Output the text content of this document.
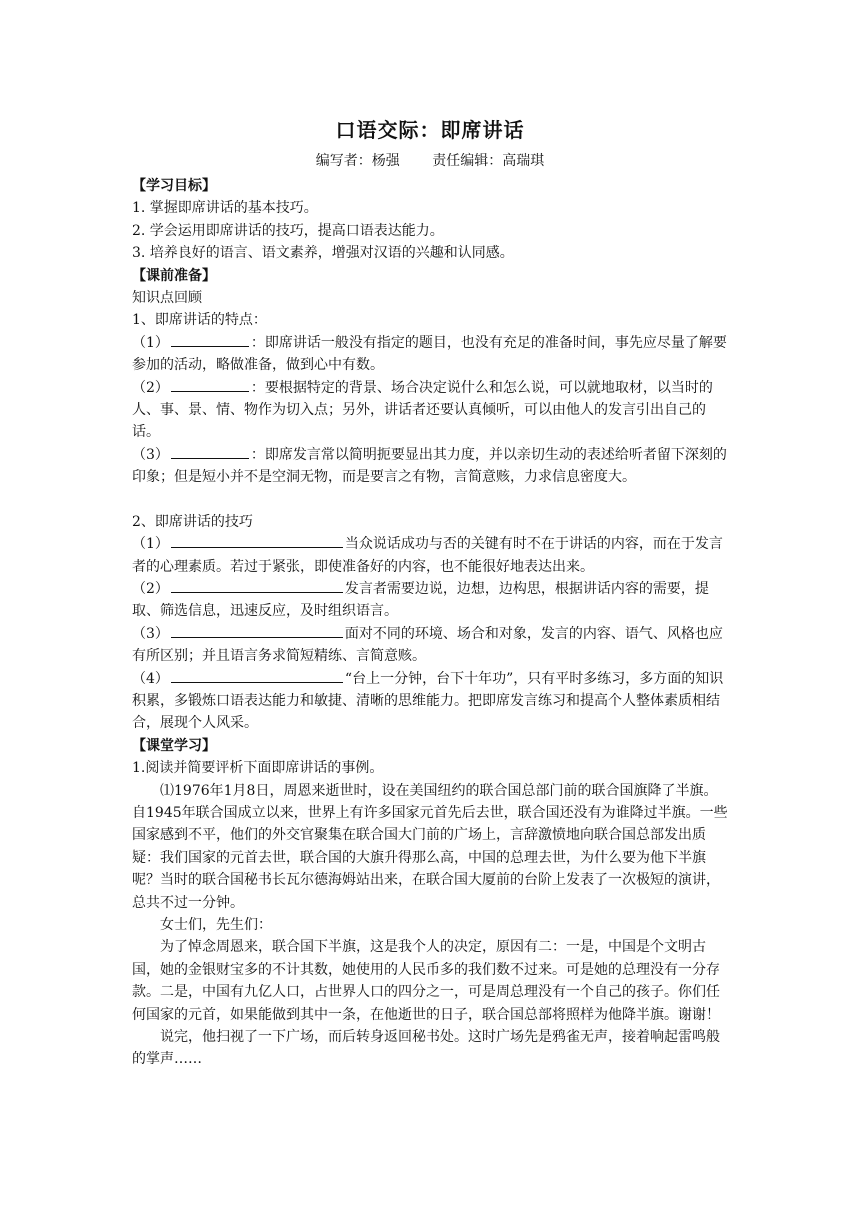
口语交际：即席讲话
编写者：杨强 责任编辑：高瑞琪

【学习目标】

1. 掌握即席讲话的基本技巧。

2. 学会运用即席讲话的技巧，提高口语表达能力。

3. 培养良好的语言、语文素养，增强对汉语的兴趣和认同感。

【课前准备】

知识点回顾

1、即席讲话的特点：

（1）	：即席讲话一般没有指定的题目，也没有充足的准备时间，事先应尽量了解要参加的活动，略做准备，做到心中有数。

（2）	：要根据特定的背景、场合决定说什么和怎么说，可以就地取材，以当时的人、事、景、情、物作为切入点；另外，讲话者还要认真倾听，可以由他人的发言引出自己的话。

（3）	：即席发言常以简明扼要显出其力度，并以亲切生动的表述给听者留下深刻的印象；但是短小并不是空洞无物，而是要言之有物，言简意赅，力求信息密度大。

2、即席讲话的技巧

（1）	当众说话成功与否的关键有时不在于讲话的内容，而在于发言者的心理素质。若过于紧张，即使准备好的内容，也不能很好地表达出来。

（2）	发言者需要边说，边想，边构思，根据讲话内容的需要，提取、筛选信息，迅速反应，及时组织语言。

（3）	面对不同的环境、场合和对象，发言的内容、语气、风格也应有所区别；并且语言务求简短精练、言简意赅。

（4）	“台上一分钟，台下十年功”，只有平时多练习，多方面的知识积累，多锻炼口语表达能力和敏捷、清晰的思维能力。把即席发言练习和提高个人整体素质相结合，展现个人风采。

【课堂学习】

1.阅读并简要评析下面即席讲话的事例。

⑴1976年1月8日，周恩来逝世时，设在美国纽约的联合国总部门前的联合国旗降了半旗。自1945年联合国成立以来，世界上有许多国家元首先后去世，联合国还没有为谁降过半旗。一些国家感到不平，他们的外交官聚集在联合国大门前的广场上，言辞激愤地向联合国总部发出质疑：我们国家的元首去世，联合国的大旗升得那么高，中国的总理去世，为什么要为他下半旗呢？当时的联合国秘书长瓦尔德海姆站出来，在联合国大厦前的台阶上发表了一次极短的演讲，总共不过一分钟。

女士们，先生们：

为了悼念周恩来，联合国下半旗，这是我个人的决定，原因有二：一是，中国是个文明古国，她的金银财宝多的不计其数，她使用的人民币多的我们数不过来。可是她的总理没有一分存款。二是，中国有九亿人口，占世界人口的四分之一，可是周总理没有一个自己的孩子。你们任何国家的元首，如果能做到其中一条，在他逝世的日子，联合国总部将照样为他降半旗。谢谢！

说完，他扫视了一下广场，而后转身返回秘书处。这时广场先是鸦雀无声，接着响起雷鸣般的掌声……
